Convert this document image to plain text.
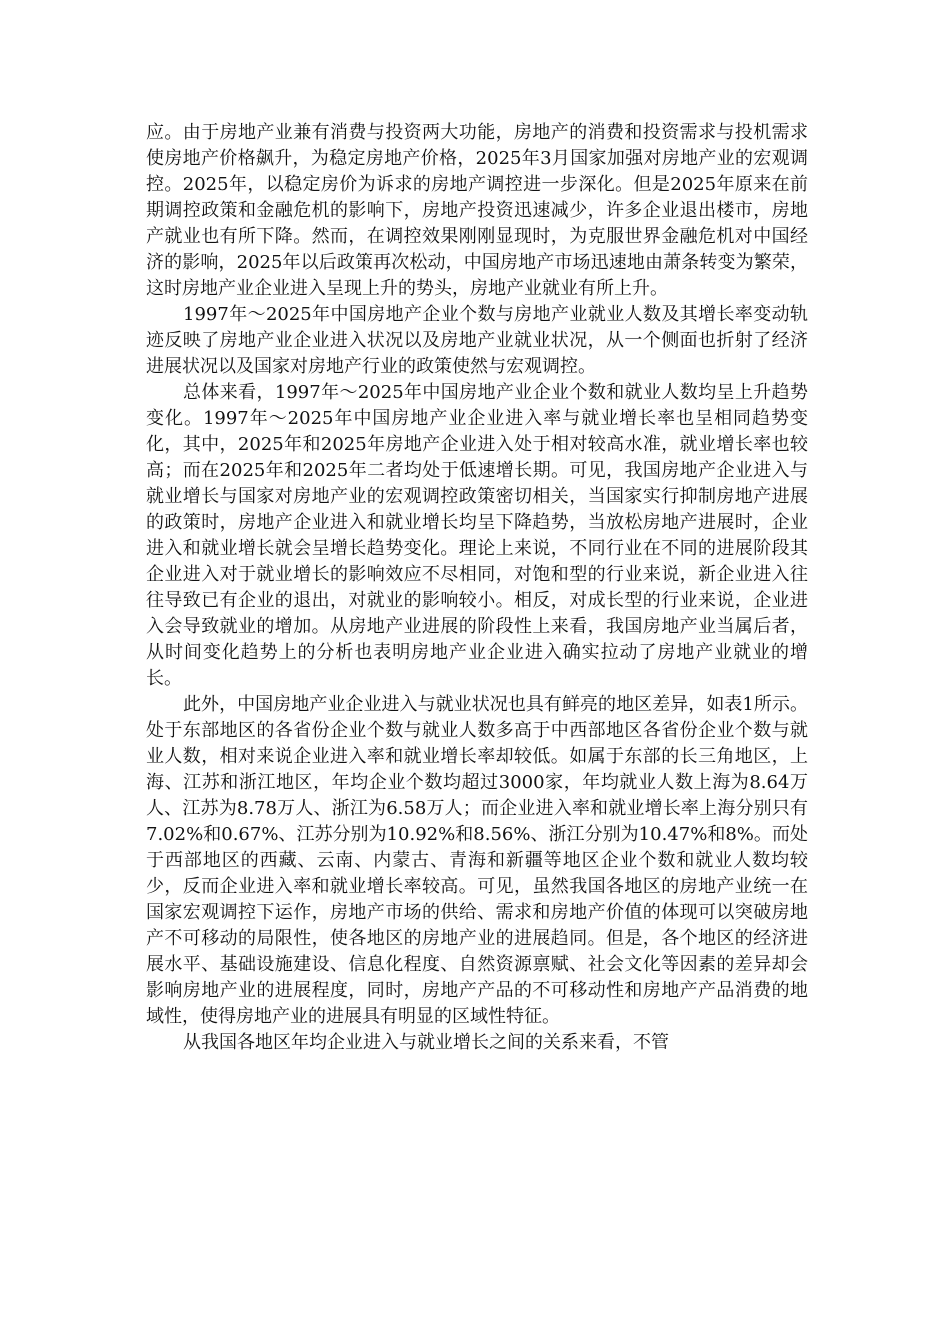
应。由于房地产业兼有消费与投资两大功能，房地产的消费和投资需求与投机需求使房地产价格飙升，为稳定房地产价格，2025年3月国家加强对房地产业的宏观调控。2025年，以稳定房价为诉求的房地产调控进一步深化。但是2025年原来在前期调控政策和金融危机的影响下，房地产投资迅速减少，许多企业退出楼市，房地产就业也有所下降。然而，在调控效果刚刚显现时，为克服世界金融危机对中国经济的影响，2025年以后政策再次松动，中国房地产市场迅速地由萧条转变为繁荣，这时房地产业企业进入呈现上升的势头，房地产业就业有所上升。

1997年～2025年中国房地产企业个数与房地产业就业人数及其增长率变动轨迹反映了房地产业企业进入状况以及房地产业就业状况，从一个侧面也折射了经济进展状况以及国家对房地产行业的政策使然与宏观调控。

总体来看，1997年～2025年中国房地产业企业个数和就业人数均呈上升趋势变化。1997年～2025年中国房地产业企业进入率与就业增长率也呈相同趋势变化，其中，2025年和2025年房地产企业进入处于相对较高水准，就业增长率也较高；而在2025年和2025年二者均处于低速增长期。可见，我国房地产企业进入与就业增长与国家对房地产业的宏观调控政策密切相关，当国家实行抑制房地产进展的政策时，房地产企业进入和就业增长均呈下降趋势，当放松房地产进展时，企业进入和就业增长就会呈增长趋势变化。理论上来说，不同行业在不同的进展阶段其企业进入对于就业增长的影响效应不尽相同，对饱和型的行业来说，新企业进入往往导致已有企业的退出，对就业的影响较小。相反，对成长型的行业来说，企业进入会导致就业的增加。从房地产业进展的阶段性上来看，我国房地产业当属后者，从时间变化趋势上的分析也表明房地产业企业进入确实拉动了房地产业就业的增长。

此外，中国房地产业企业进入与就业状况也具有鲜亮的地区差异，如表1所示。处于东部地区的各省份企业个数与就业人数多高于中西部地区各省份企业个数与就业人数，相对来说企业进入率和就业增长率却较低。如属于东部的长三角地区，上海、江苏和浙江地区，年均企业个数均超过3000家，年均就业人数上海为8.64万人、江苏为8.78万人、浙江为6.58万人；而企业进入率和就业增长率上海分别只有7.02%和0.67%、江苏分别为10.92%和8.56%、浙江分别为10.47%和8%。而处于西部地区的西藏、云南、内蒙古、青海和新疆等地区企业个数和就业人数均较少，反而企业进入率和就业增长率较高。可见，虽然我国各地区的房地产业统一在国家宏观调控下运作，房地产市场的供给、需求和房地产价值的体现可以突破房地产不可移动的局限性，使各地区的房地产业的进展趋同。但是，各个地区的经济进展水平、基础设施建设、信息化程度、自然资源禀赋、社会文化等因素的差异却会影响房地产业的进展程度，同时，房地产产品的不可移动性和房地产产品消费的地域性，使得房地产业的进展具有明显的区域性特征。

从我国各地区年均企业进入与就业增长之间的关系来看，不管
